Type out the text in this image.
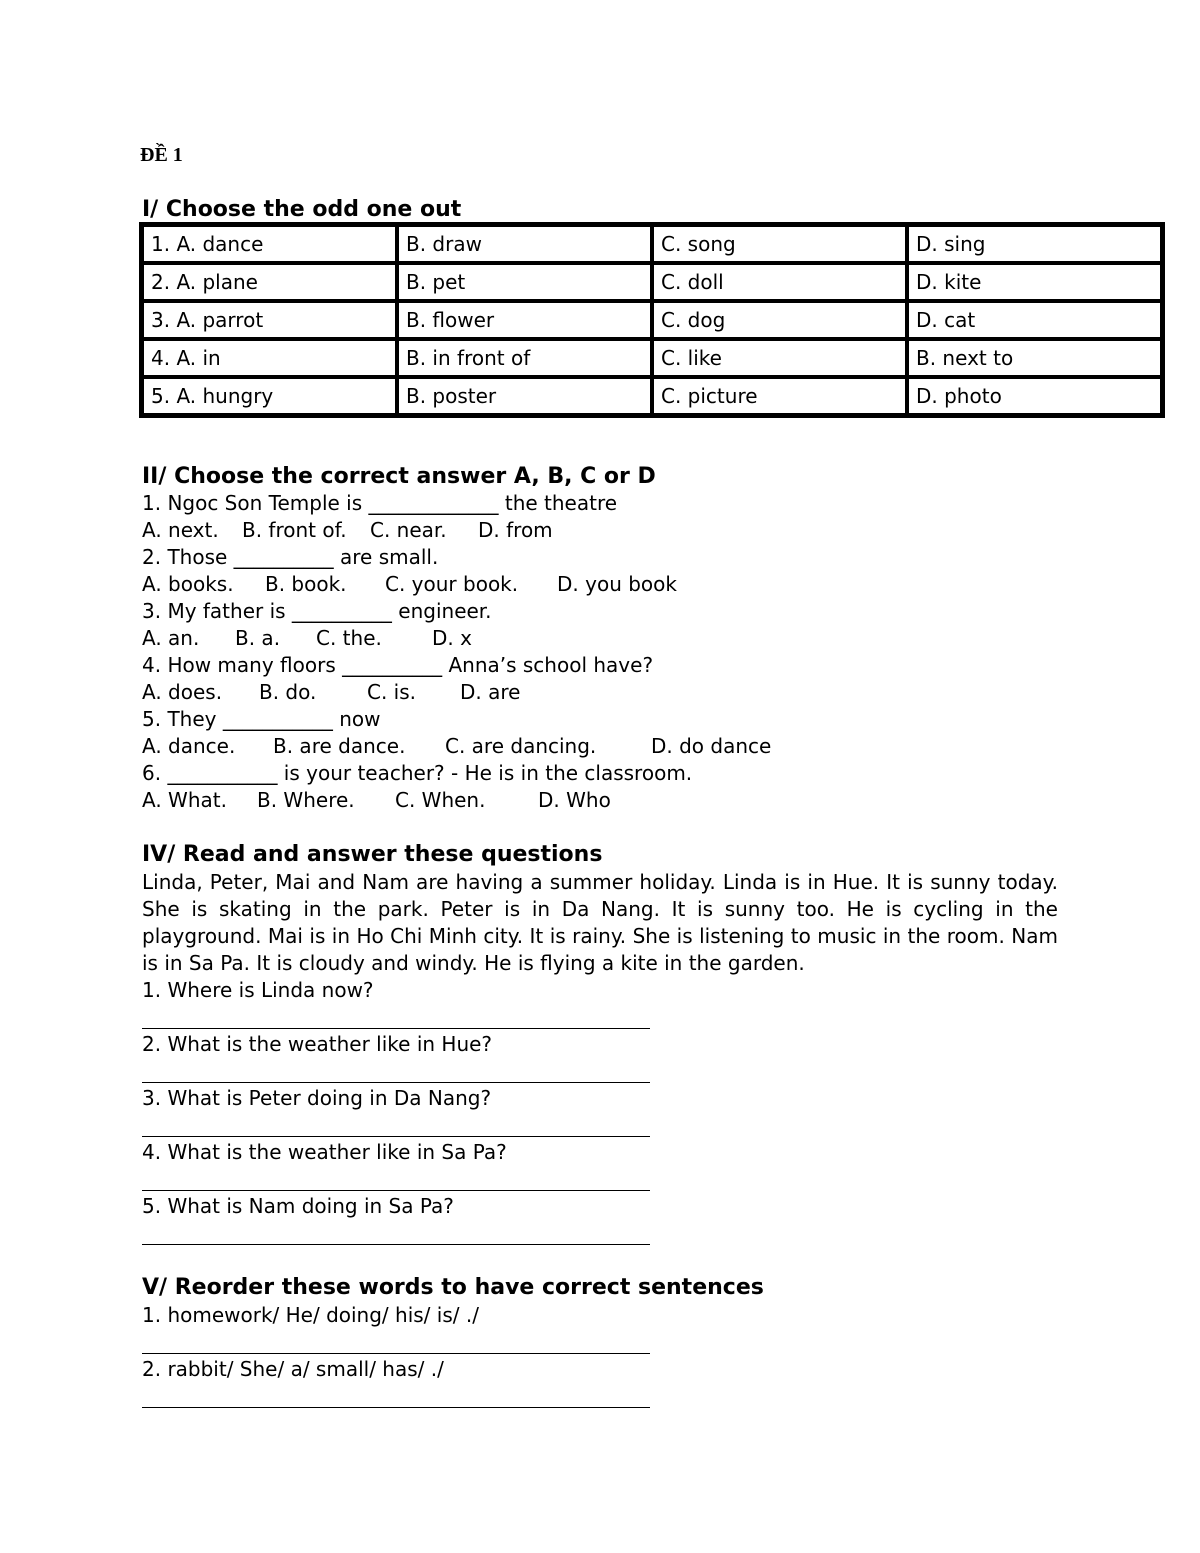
ĐỀ 1
I/ Choose the odd one out
1. A. dance	B. draw	C. song	D. sing
2. A. plane	B. pet	C. doll	D. kite
3. A. parrot	B. flower	C. dog	D. cat
4. A. in	B. in front of	C. like	B. next to
5. A. hungry	B. poster	C. picture	D. photo
II/ Choose the correct answer A, B, C or D
1. Ngoc Son Temple is _____________ the theatre
A. next. B. front of. C. near. D. from
2. Those __________ are small.
A. books. B. book. C. your book. D. you book
3. My father is __________ engineer.
A. an. B. a. C. the.	D. x
4. How many floors __________ Anna’s school have?
A. does. B. do.	C. is. D. are
5. They ___________ now
A. dance. B. are dance. C. are dancing.	D. do dance
6. ___________ is your teacher? - He is in the classroom.
A. What. B. Where. C. When.	D. Who
IV/ Read and answer these questions
Linda, Peter, Mai and Nam are having a summer holiday. Linda is in Hue. It is sunny today. She is skating in the park. Peter is in Da Nang. It is sunny too. He is cycling in the playground. Mai is in Ho Chi Minh city. It is rainy. She is listening to music in the room. Nam is in Sa Pa. It is cloudy and windy. He is flying a kite in the garden.
1. Where is Linda now?
2. What is the weather like in Hue?
3. What is Peter doing in Da Nang?
4. What is the weather like in Sa Pa?
5. What is Nam doing in Sa Pa?
V/ Reorder these words to have correct sentences
1. homework/ He/ doing/ his/ is/ ./
2. rabbit/ She/ a/ small/ has/ ./
